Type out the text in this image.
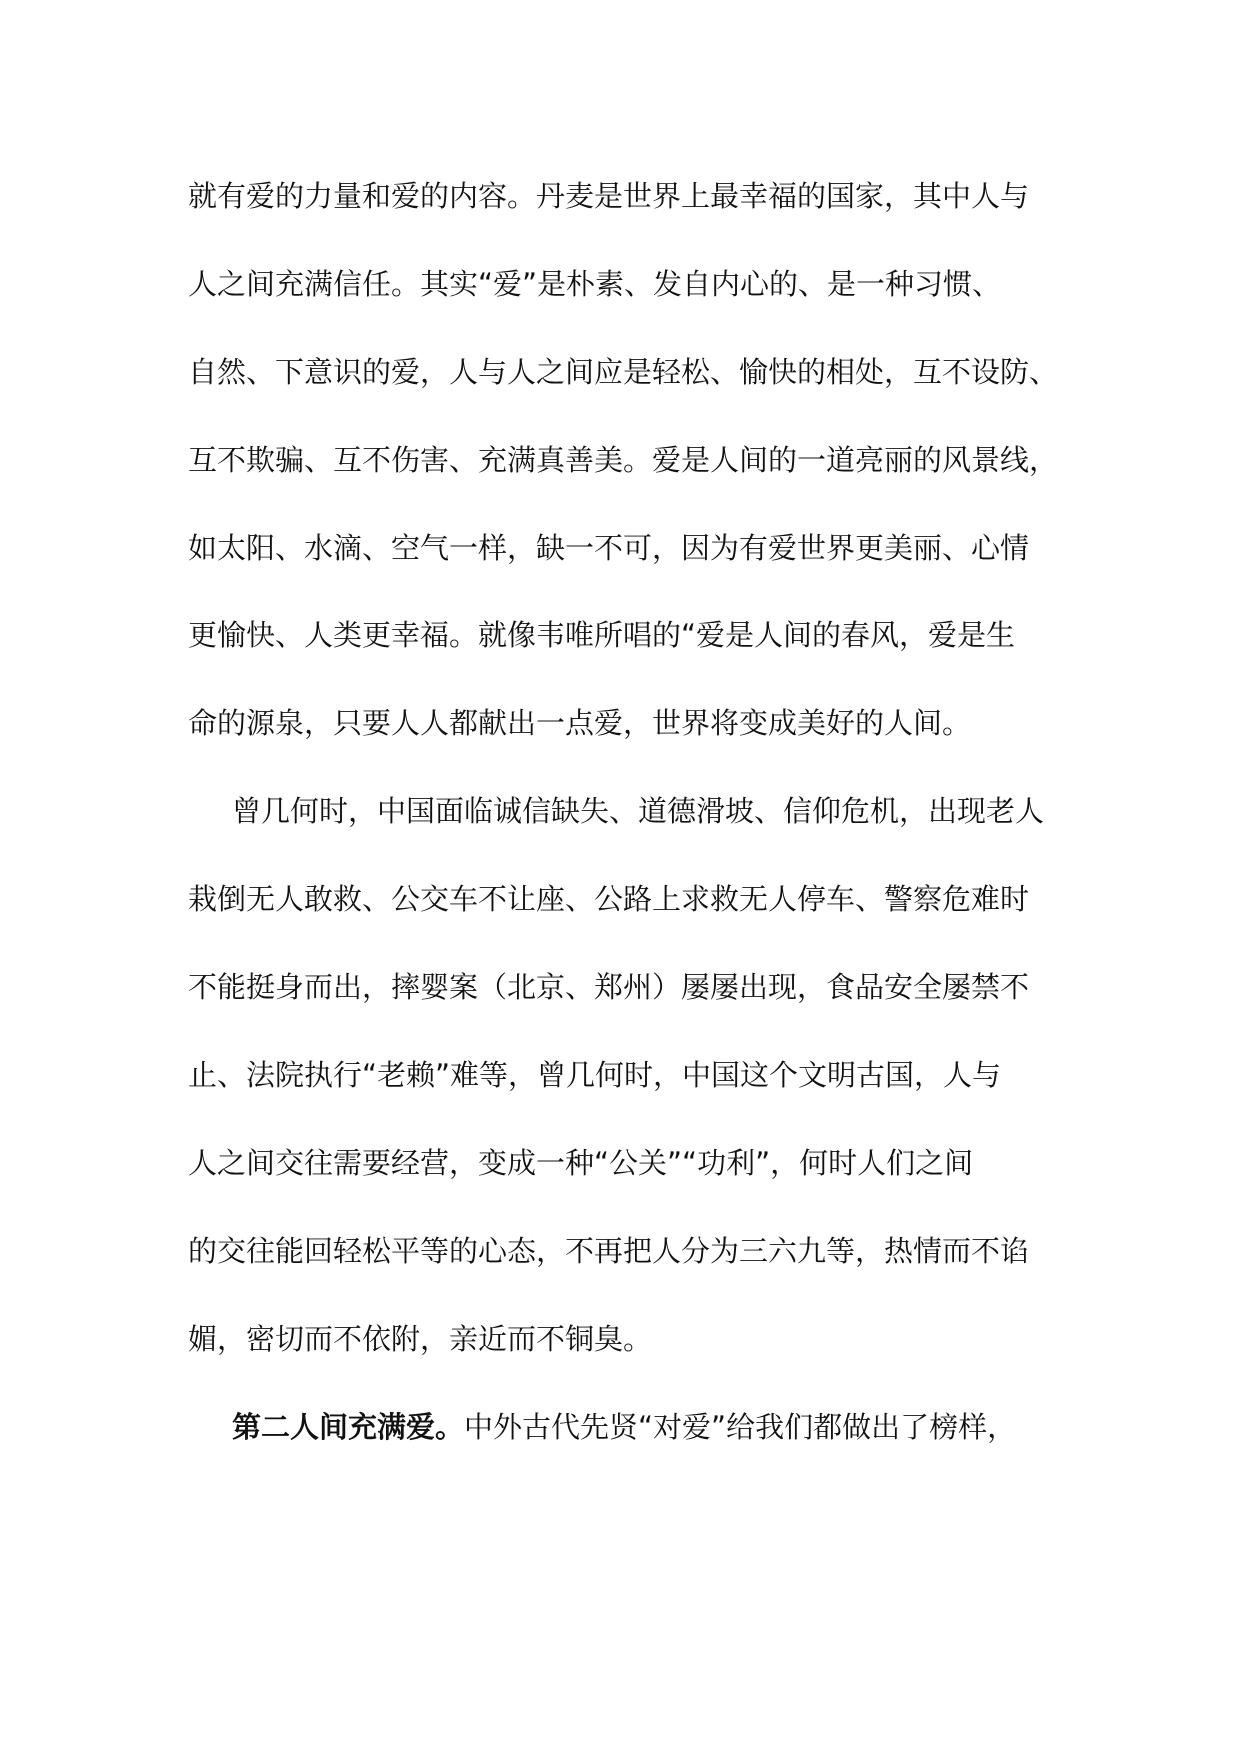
就有爱的力量和爱的内容。丹麦是世界上最幸福的国家，其中人与
人之间充满信任。其实“爱”是朴素、发自内心的、是一种习惯、
自然、下意识的爱，人与人之间应是轻松、愉快的相处，互不设防、
互不欺骗、互不伤害、充满真善美。爱是人间的一道亮丽的风景线，
如太阳、水滴、空气一样，缺一不可，因为有爱世界更美丽、心情
更愉快、人类更幸福。就像韦唯所唱的“爱是人间的春风，爱是生
命的源泉，只要人人都献出一点爱，世界将变成美好的人间。
曾几何时，中国面临诚信缺失、道德滑坡、信仰危机，出现老人
栽倒无人敢救、公交车不让座、公路上求救无人停车、警察危难时
不能挺身而出，摔婴案（北京、郑州）屡屡出现，食品安全屡禁不
止、法院执行“老赖”难等，曾几何时，中国这个文明古国，人与
人之间交往需要经营，变成一种“公关”“功利”，何时人们之间
的交往能回轻松平等的心态，不再把人分为三六九等，热情而不谄
媚，密切而不依附，亲近而不铜臭。
第二人间充满爱。中外古代先贤“对爱”给我们都做出了榜样，
